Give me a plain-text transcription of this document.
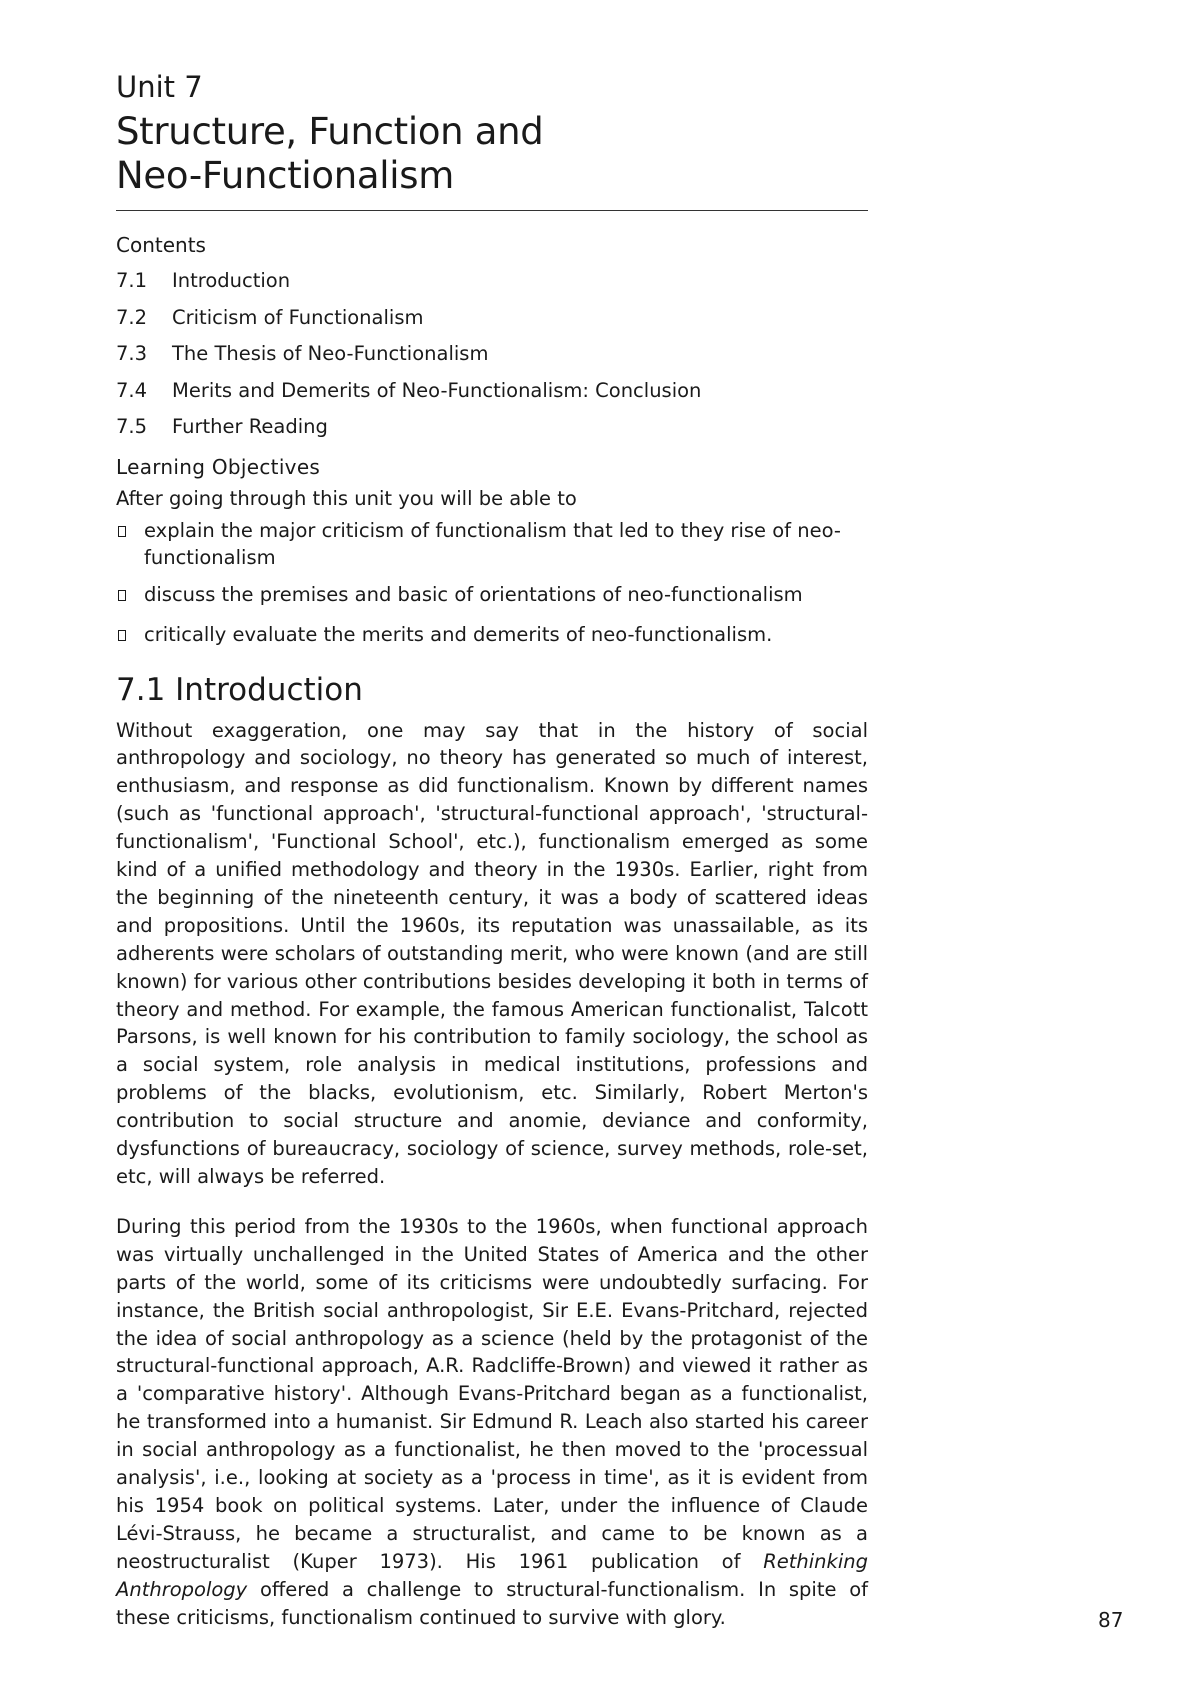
Unit 7
Structure, Function and
Neo-Functionalism
Contents
7.1	Introduction
7.2	Criticism of Functionalism
7.3	The Thesis of Neo-Functionalism
7.4	Merits and Demerits of Neo-Functionalism: Conclusion
7.5	Further Reading
Learning Objectives

After going through this unit you will be able to

explain the major criticism of functionalism that led to they rise of neo-functionalism
discuss the premises and basic of orientations of neo-functionalism
critically evaluate the merits and demerits of neo-functionalism.
7.1 Introduction

Without exaggeration, one may say that in the history of social anthropology and sociology, no theory has generated so much of interest, enthusiasm, and response as did functionalism. Known by different names (such as 'functional approach', 'structural-functional approach', 'structural-functionalism', 'Functional School', etc.), functionalism emerged as some kind of a unified methodology and theory in the 1930s. Earlier, right from the beginning of the nineteenth century, it was a body of scattered ideas and propositions. Until the 1960s, its reputation was unassailable, as its adherents were scholars of outstanding merit, who were known (and are still known) for various other contributions besides developing it both in terms of theory and method. For example, the famous American functionalist, Talcott Parsons, is well known for his contribution to family sociology, the school as a social system, role analysis in medical institutions, professions and problems of the blacks, evolutionism, etc. Similarly, Robert Merton's contribution to social structure and anomie, deviance and conformity, dysfunctions of bureaucracy, sociology of science, survey methods, role-set, etc, will always be referred.

During this period from the 1930s to the 1960s, when functional approach was virtually unchallenged in the United States of America and the other parts of the world, some of its criticisms were undoubtedly surfacing. For instance, the British social anthropologist, Sir E.E. Evans-Pritchard, rejected the idea of social anthropology as a science (held by the protagonist of the structural-functional approach, A.R. Radcliffe-Brown) and viewed it rather as a 'comparative history'. Although Evans-Pritchard began as a functionalist, he transformed into a humanist. Sir Edmund R. Leach also started his career in social anthropology as a functionalist, he then moved to the 'processual analysis', i.e., looking at society as a 'process in time', as it is evident from his 1954 book on political systems. Later, under the influence of Claude Lévi-Strauss, he became a structuralist, and came to be known as a neostructuralist (Kuper 1973). His 1961 publication of Rethinking Anthropology offered a challenge to structural-functionalism. In spite of these criticisms, functionalism continued to survive with glory.	87
